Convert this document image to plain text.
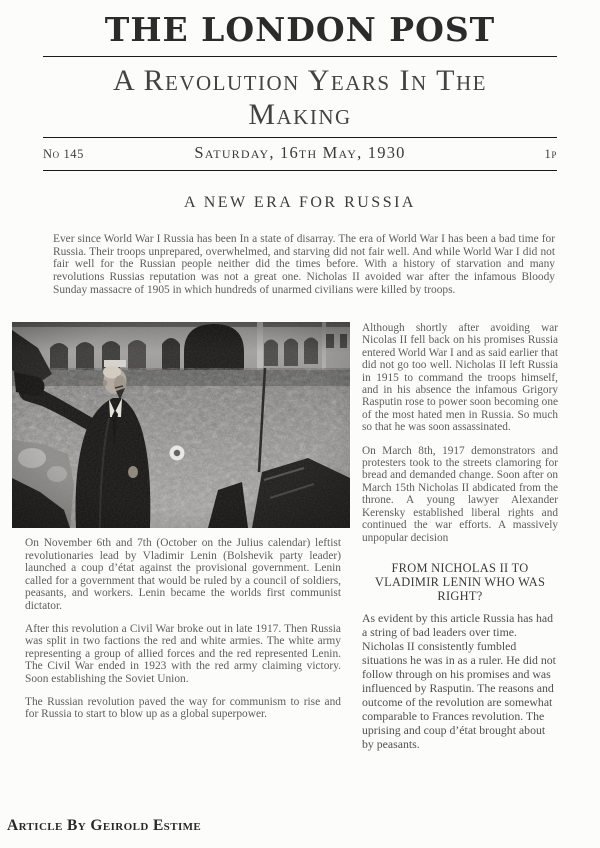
THE LONDON POST
A Revolution Years In The Making
Saturday, 16th May, 1930
No 145	1p
A NEW ERA FOR RUSSIA

Ever since World War I Russia has been In a state of disarray. The era of World War I has been a bad time for Russia. Their troops unprepared, overwhelmed, and starving did not fair well. And while World War I did not fair well for the Russian people neither did the times before. With a history of starvation and many revolutions Russias reputation was not a great one. Nicholas II avoided war after the infamous Bloody Sunday massacre of 1905 in which hundreds of unarmed civilians were killed by troops.

On November 6th and 7th (October on the Julius calendar) leftist revolutionaries lead by Vladimir Lenin (Bolshevik party leader) launched a coup d’état against the provisional government. Lenin called for a government that would be ruled by a council of soldiers, peasants, and workers. Lenin became the worlds first communist dictator.

After this revolution a Civil War broke out in late 1917. Then Russia was split in two factions the red and white armies. The white army representing a group of allied forces and the red represented Lenin. The Civil War ended in 1923 with the red army claiming victory. Soon establishing the Soviet Union.

The Russian revolution paved the way for communism to rise and for Russia to start to blow up as a global superpower.

Although shortly after avoiding war Nicolas II fell back on his promises Russia entered World War I and as said earlier that did not go too well. Nicholas II left Russia in 1915 to command the troops himself, and in his absence the infamous Grigory Rasputin rose to power soon becoming one of the most hated men in Russia. So much so that he was soon assassinated.

On March 8th, 1917 demonstrators and protesters took to the streets clamoring for bread and demanded change. Soon after on March 15th Nicholas II abdicated from the throne. A young lawyer Alexander Kerensky established liberal rights and continued the war efforts. A massively unpopular decision

FROM NICHOLAS II TO VLADIMIR LENIN WHO WAS RIGHT?

As evident by this article Russia has had a string of bad leaders over time. Nicholas II consistently fumbled situations he was in as a ruler. He did not follow through on his promises and was influenced by Rasputin. The reasons and outcome of the revolution are somewhat comparable to Frances revolution. The uprising and coup d’état brought about by peasants.

Article By Geirold Estime
